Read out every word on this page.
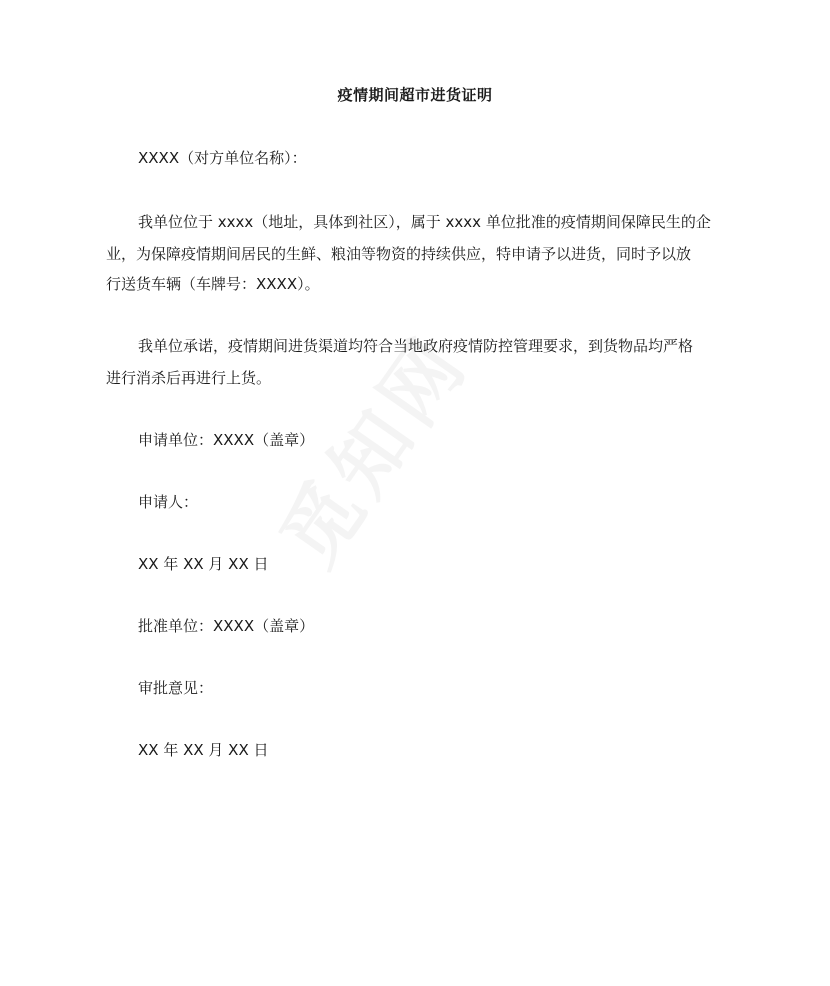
疫情期间超市进货证明
XXXX（对方单位名称）：
我单位位于 xxxx（地址，具体到社区），属于 xxxx 单位批准的疫情期间保障民生的企
业，为保障疫情期间居民的生鲜、粮油等物资的持续供应，特申请予以进货，同时予以放
行送货车辆（车牌号：XXXX）。
我单位承诺，疫情期间进货渠道均符合当地政府疫情防控管理要求，到货物品均严格
进行消杀后再进行上货。
申请单位：XXXX（盖章）
申请人：
XX 年 XX 月 XX 日
批准单位：XXXX（盖章）
审批意见：
XX 年 XX 月 XX 日
